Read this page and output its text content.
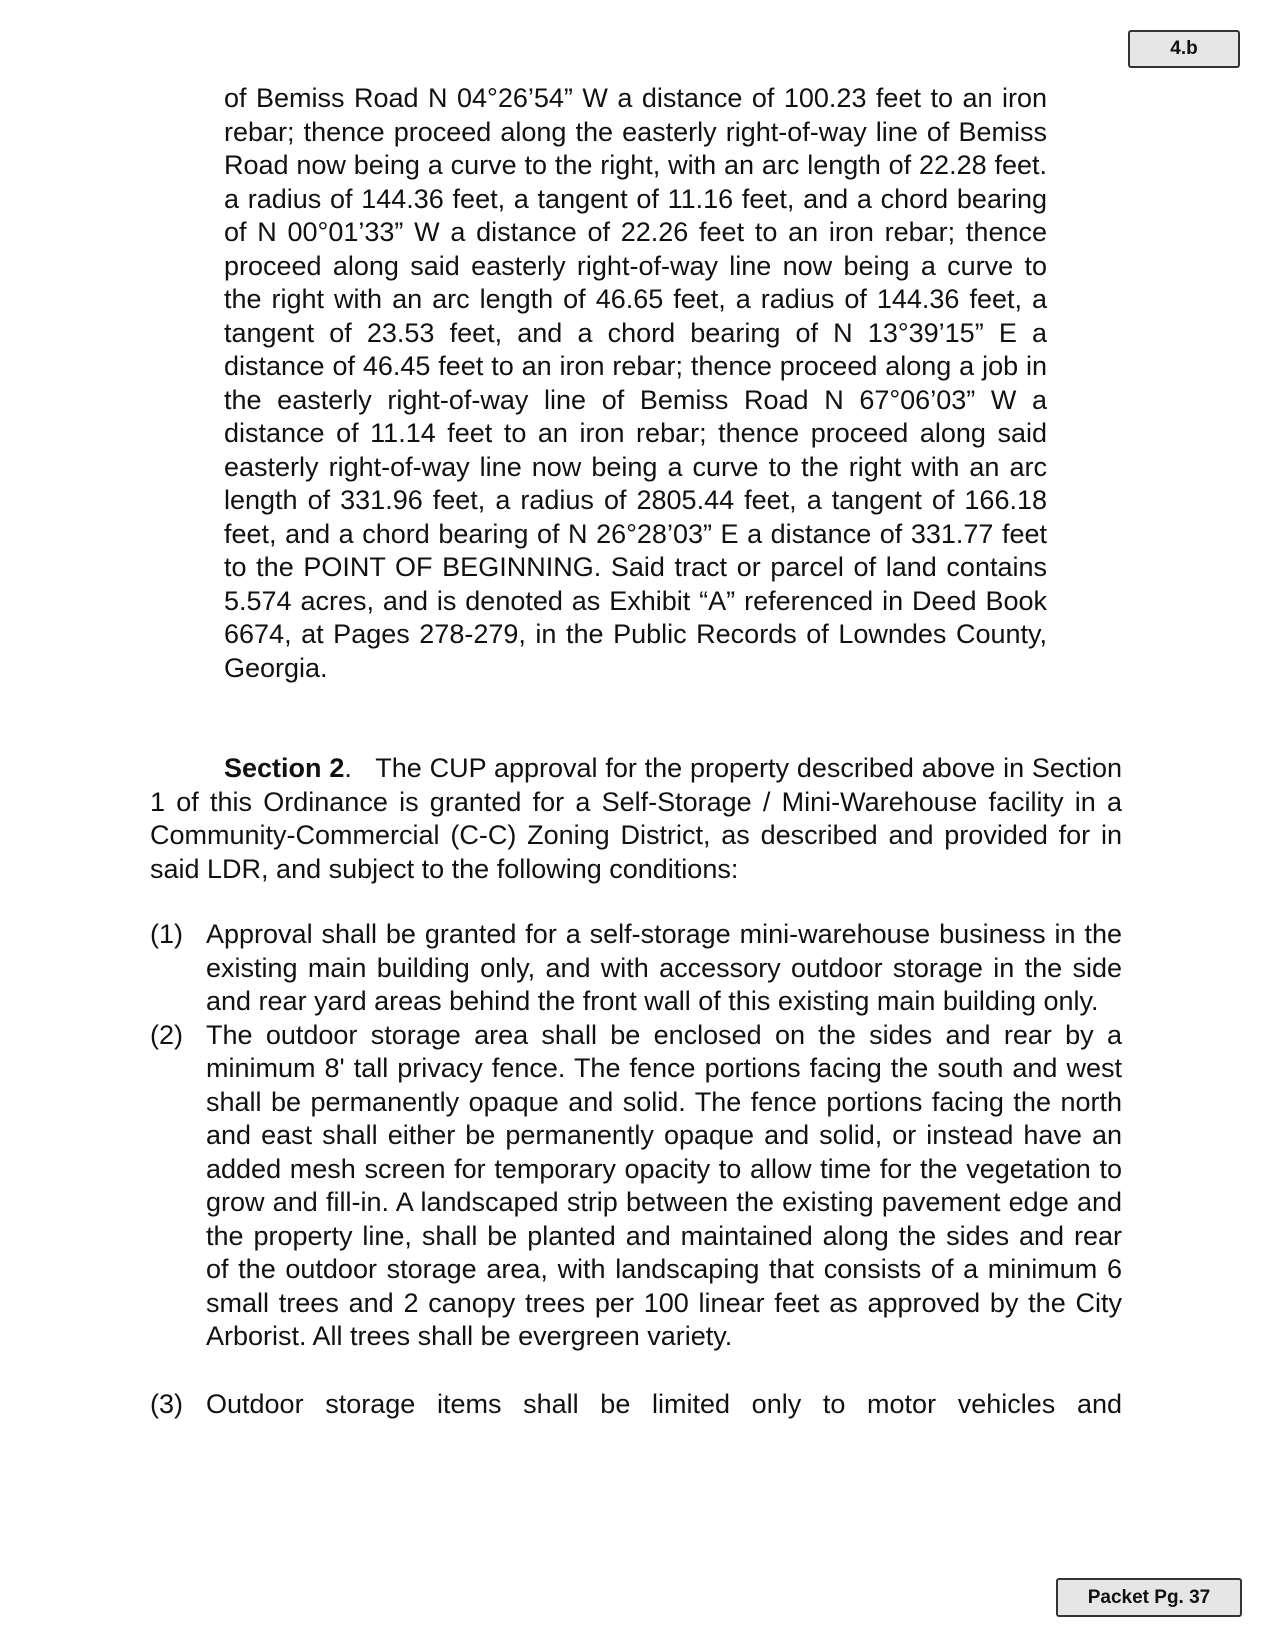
4.b

of Bemiss Road N 04°26’54” W a distance of 100.23 feet to an iron rebar; thence proceed along the easterly right-of-way line of Bemiss Road now being a curve to the right, with an arc length of 22.28 feet. a radius of 144.36 feet, a tangent of 11.16 feet, and a chord bearing of N 00°01’33” W a distance of 22.26 feet to an iron rebar; thence proceed along said easterly right-of-way line now being a curve to the right with an arc length of 46.65 feet, a radius of 144.36 feet, a tangent of 23.53 feet, and a chord bearing of N 13°39’15” E a distance of 46.45 feet to an iron rebar; thence proceed along a job in the easterly right-of-way line of Bemiss Road N 67°06’03” W a distance of 11.14 feet to an iron rebar; thence proceed along said easterly right-of-way line now being a curve to the right with an arc length of 331.96 feet, a radius of 2805.44 feet, a tangent of 166.18 feet, and a chord bearing of N 26°28’03” E a distance of 331.77 feet to the POINT OF BEGINNING. Said tract or parcel of land contains 5.574 acres, and is denoted as Exhibit “A” referenced in Deed Book 6674, at Pages 278-279, in the Public Records of Lowndes County, Georgia.

Section 2. The CUP approval for the property described above in Section 1 of this Ordinance is granted for a Self-Storage / Mini-Warehouse facility in a Community-Commercial (C-C) Zoning District, as described and provided for in said LDR, and subject to the following conditions:

(1) Approval shall be granted for a self-storage mini-warehouse business in the existing main building only, and with accessory outdoor storage in the side and rear yard areas behind the front wall of this existing main building only.
(2) The outdoor storage area shall be enclosed on the sides and rear by a minimum 8' tall privacy fence. The fence portions facing the south and west shall be permanently opaque and solid. The fence portions facing the north and east shall either be permanently opaque and solid, or instead have an added mesh screen for temporary opacity to allow time for the vegetation to grow and fill-in. A landscaped strip between the existing pavement edge and the property line, shall be planted and maintained along the sides and rear of the outdoor storage area, with landscaping that consists of a minimum 6 small trees and 2 canopy trees per 100 linear feet as approved by the City Arborist. All trees shall be evergreen variety.
(3) Outdoor storage items shall be limited only to motor vehicles and
Packet Pg. 37
